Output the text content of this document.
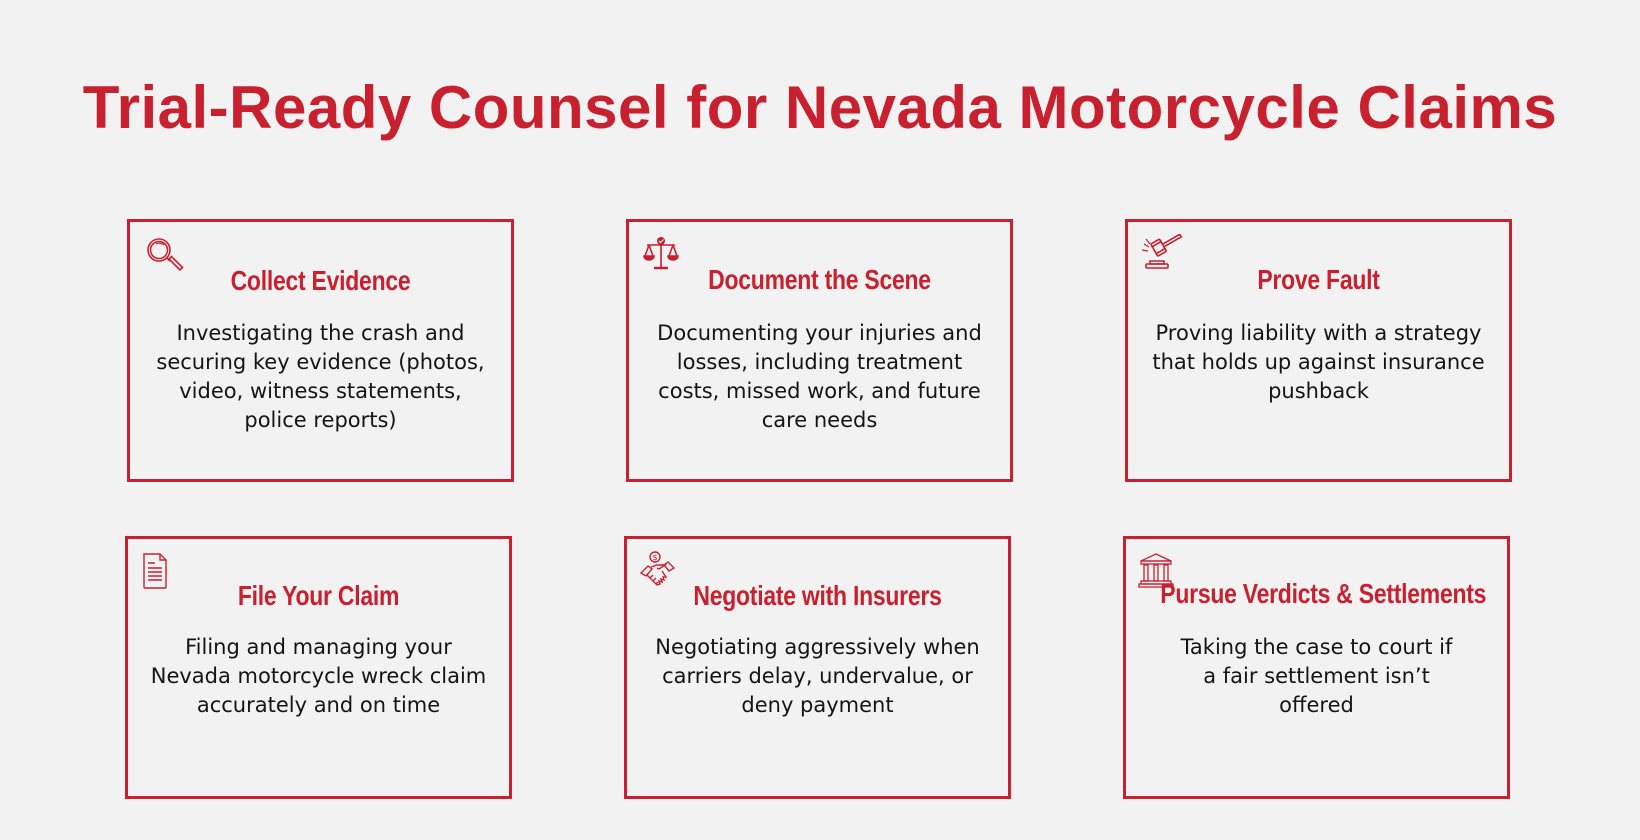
Trial-Ready Counsel for Nevada Motorcycle Claims
Collect Evidence
Investigating the crash and securing key evidence (photos, video, witness statements, police reports)
Document the Scene
Documenting your injuries and losses, including treatment costs, missed work, and future care needs
Prove Fault
Proving liability with a strategy that holds up against insurance pushback
File Your Claim
Filing and managing your Nevada motorcycle wreck claim accurately and on time
$
Negotiate with Insurers
Negotiating aggressively when carriers delay, undervalue, or deny payment
Pursue Verdicts & Settlements
Taking the case to court if a fair settlement isn’t offered
